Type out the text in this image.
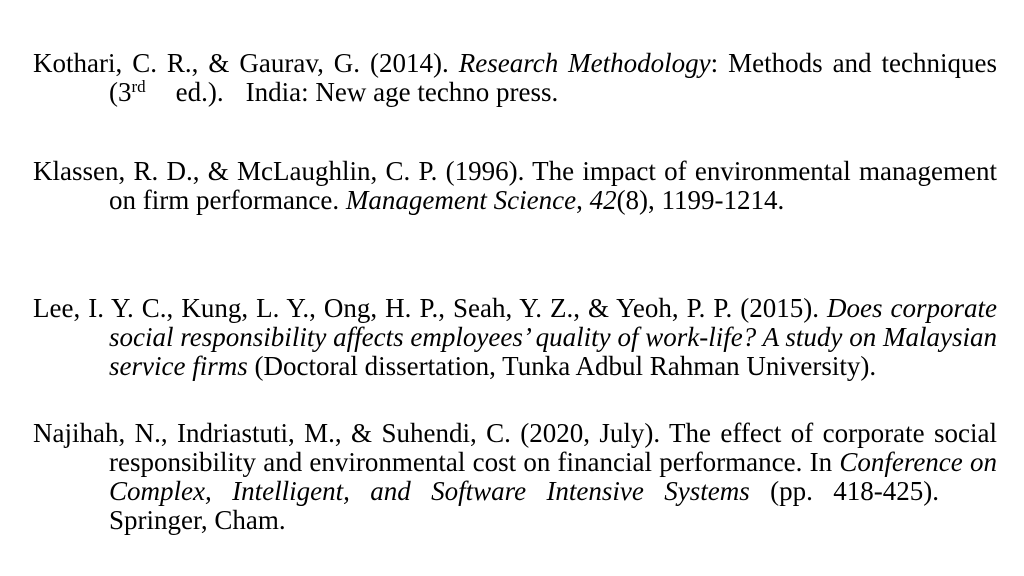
Kothari, C. R., & Gaurav, G. (2014). Research Methodology: Methods and techniques (3rd ed.). India: New age techno press.

Klassen, R. D., & McLaughlin, C. P. (1996). The impact of environmental management on firm performance. Management Science, 42(8), 1199-1214.

Lee, I. Y. C., Kung, L. Y., Ong, H. P., Seah, Y. Z., & Yeoh, P. P. (2015). Does corporate social responsibility affects employees’ quality of work-life? A study on Malaysian service firms (Doctoral dissertation, Tunka Adbul Rahman University).

Najihah, N., Indriastuti, M., & Suhendi, C. (2020, July). The effect of corporate social responsibility and environmental cost on financial performance. In Conference on Complex, Intelligent, and Software Intensive Systems (pp. 418-425).Springer, Cham.
